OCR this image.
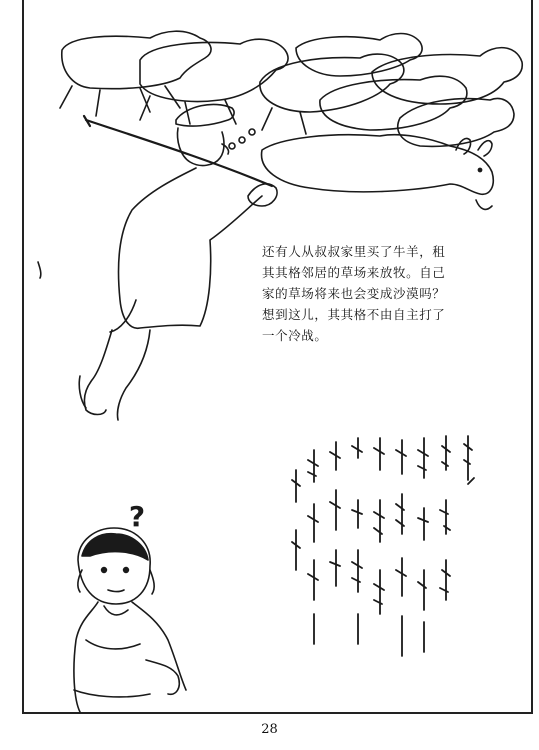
还有人从叔叔家里买了牛羊，租其其格邻居的草场来放牧。自己家的草场将来也会变成沙漠吗？想到这儿，其其格不由自主打了一个冷战。

?
28
